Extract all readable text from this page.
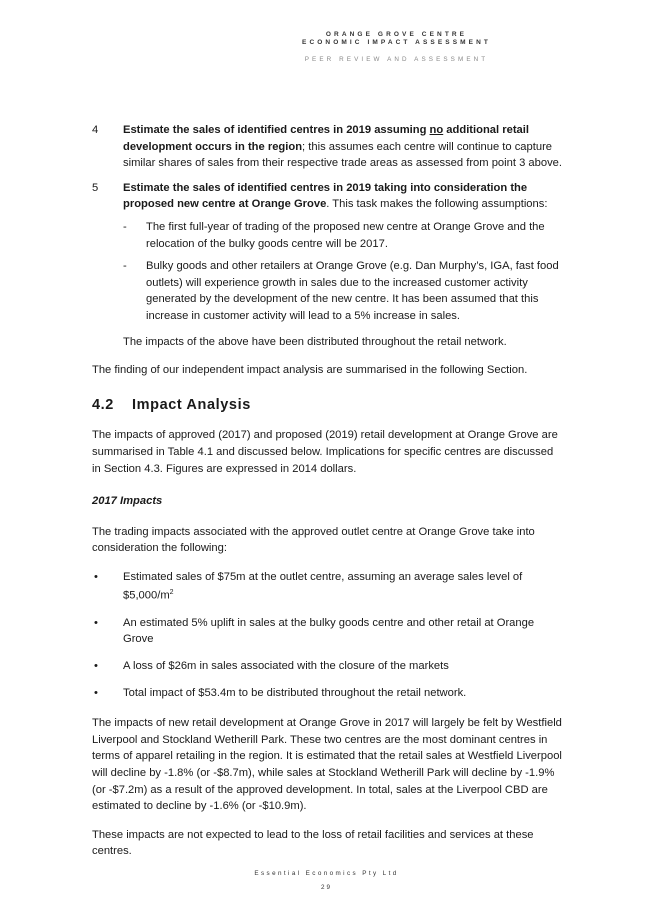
ORANGE GROVE CENTRE
ECONOMIC IMPACT ASSESSMENT
PEER REVIEW AND ASSESSMENT
4 Estimate the sales of identified centres in 2019 assuming no additional retail development occurs in the region; this assumes each centre will continue to capture similar shares of sales from their respective trade areas as assessed from point 3 above.
5 Estimate the sales of identified centres in 2019 taking into consideration the proposed new centre at Orange Grove. This task makes the following assumptions:
- The first full-year of trading of the proposed new centre at Orange Grove and the relocation of the bulky goods centre will be 2017.
- Bulky goods and other retailers at Orange Grove (e.g. Dan Murphy’s, IGA, fast food outlets) will experience growth in sales due to the increased customer activity generated by the development of the new centre. It has been assumed that this increase in customer activity will lead to a 5% increase in sales.

The impacts of the above have been distributed throughout the retail network.

The finding of our independent impact analysis are summarised in the following Section.

4.2 Impact Analysis

The impacts of approved (2017) and proposed (2019) retail development at Orange Grove are summarised in Table 4.1 and discussed below. Implications for specific centres are discussed in Section 4.3. Figures are expressed in 2014 dollars.

2017 Impacts

The trading impacts associated with the approved outlet centre at Orange Grove take into consideration the following:

• Estimated sales of $75m at the outlet centre, assuming an average sales level of $\$5,000/m^2$
• An estimated 5% uplift in sales at the bulky goods centre and other retail at Orange Grove
• A loss of $26m in sales associated with the closure of the markets
• Total impact of $53.4m to be distributed throughout the retail network.

The impacts of new retail development at Orange Grove in 2017 will largely be felt by Westfield Liverpool and Stockland Wetherill Park. These two centres are the most dominant centres in terms of apparel retailing in the region. It is estimated that the retail sales at Westfield Liverpool will decline by -1.8% (or -$8.7m), while sales at Stockland Wetherill Park will decline by -1.9% (or -$7.2m) as a result of the approved development. In total, sales at the Liverpool CBD are estimated to decline by -1.6% (or -$10.9m).

These impacts are not expected to lead to the loss of retail facilities and services at these centres.

Essential Economics Pty Ltd
29
